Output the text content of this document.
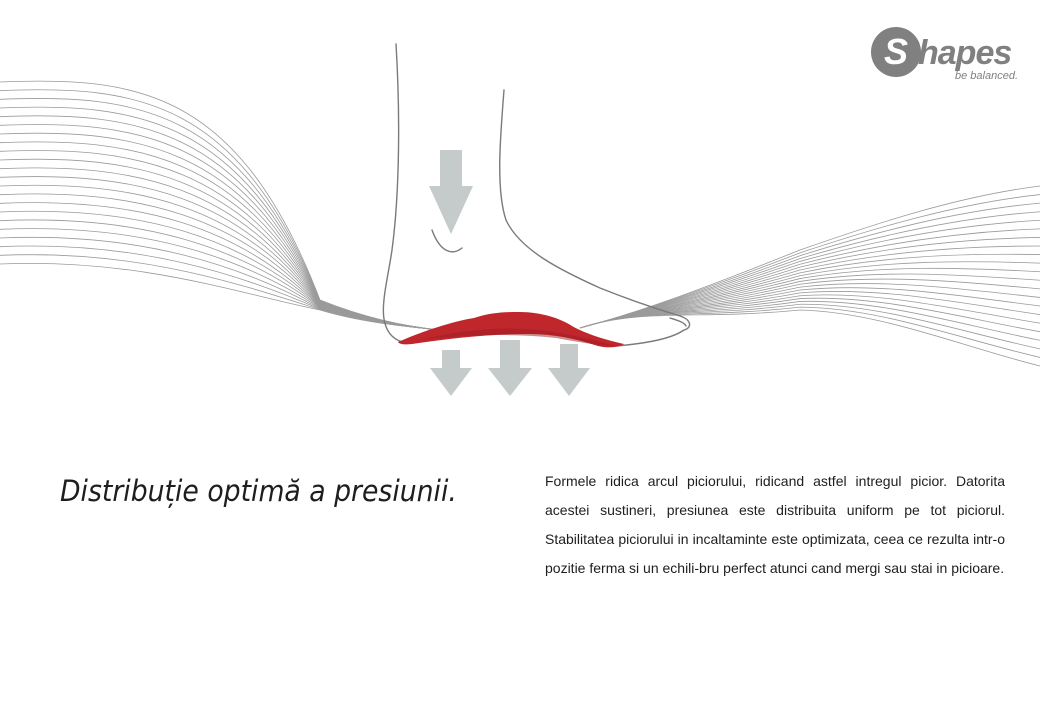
S hapes
be balanced.
Distribuție optimă a presiunii.	Formele ridica arcul piciorului, ridicand astfel intregul picior. Datorita acestei sustineri, presiunea este distribuita uniform pe tot piciorul. Stabilitatea piciorului in incaltaminte este optimizata, ceea ce rezulta intr-o pozitie ferma si un echili-bru perfect atunci cand mergi sau stai in picioare.
